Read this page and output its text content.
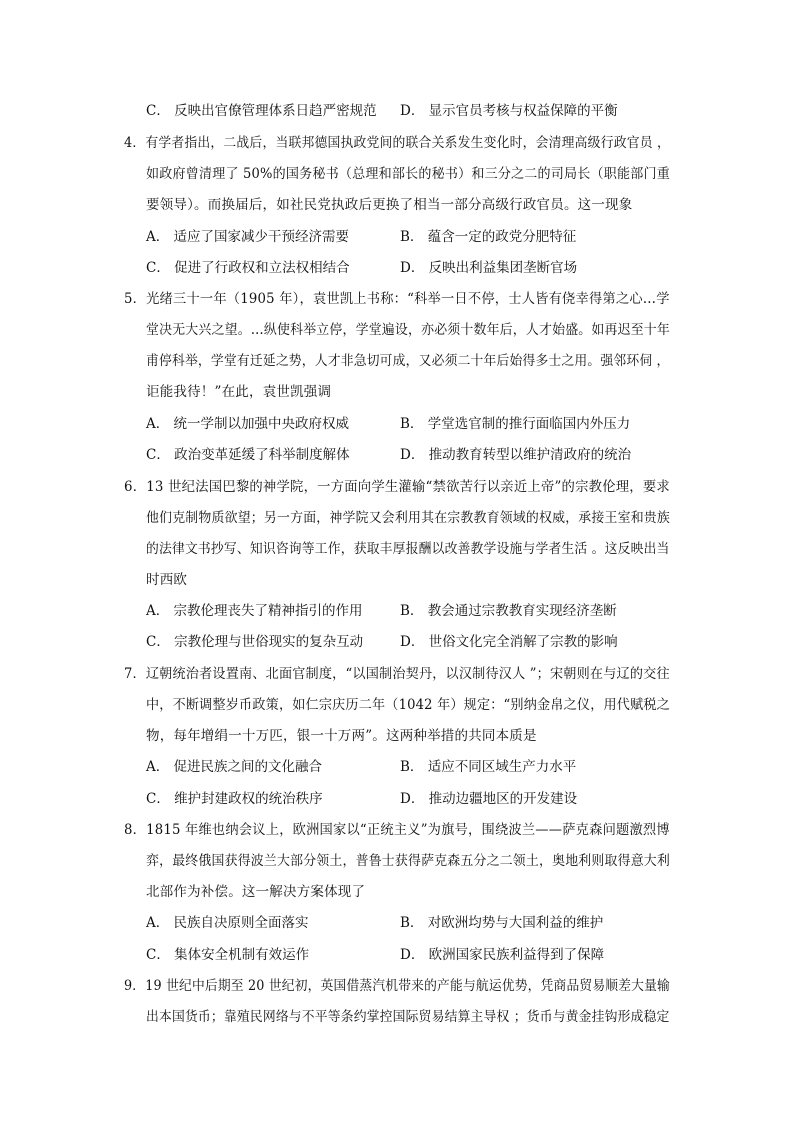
C． 反映出官僚管理体系日趋严密规范 D． 显示官员考核与权益保障的平衡
4．有学者指出，二战后，当联邦德国执政党间的联合关系发生变化时，会清理高级行政官员 ，
如政府曾清理了 50%的国务秘书（总理和部长的秘书）和三分之二的司局长（职能部门重
要领导）。而换届后，如社民党执政后更换了相当一部分高级行政官员。这一现象
A． 适应了国家减少干预经济需要	B． 蕴含一定的政党分肥特征
C． 促进了行政权和立法权相结合	D． 反映出利益集团垄断官场
5．光绪三十一年（1905 年），袁世凯上书称：“科举一日不停，士人皆有侥幸得第之心…学
堂决无大兴之望。…纵使科举立停，学堂遍设，亦必须十数年后，人才始盛。如再迟至十年
甫停科举，学堂有迁延之势，人才非急切可成，又必须二十年后始得多士之用。强邻环伺 ，
讵能我待！”在此，袁世凯强调
A． 统一学制以加强中央政府权威	B． 学堂选官制的推行面临国内外压力
C． 政治变革延缓了科举制度解体	D． 推动教育转型以维护清政府的统治
6．13 世纪法国巴黎的神学院，一方面向学生灌输“禁欲苦行以亲近上帝”的宗教伦理，要求
他们克制物质欲望；另一方面，神学院又会利用其在宗教教育领域的权威，承接王室和贵族
的法律文书抄写、知识咨询等工作，获取丰厚报酬以改善教学设施与学者生活 。这反映出当
时西欧
A． 宗教伦理丧失了精神指引的作用	B． 教会通过宗教教育实现经济垄断
C． 宗教伦理与世俗现实的复杂互动	D． 世俗文化完全消解了宗教的影响
7．辽朝统治者设置南、北面官制度，“以国制治契丹，以汉制待汉人 ”；宋朝则在与辽的交往
中，不断调整岁币政策，如仁宗庆历二年（1042 年）规定：“别纳金帛之仪，用代赋税之
物，每年增绢一十万匹，银一十万两”。这两种举措的共同本质是
A． 促进民族之间的文化融合	B． 适应不同区域生产力水平
C． 维护封建政权的统治秩序	D． 推动边疆地区的开发建设
8．1815 年维也纳会议上，欧洲国家以“正统主义”为旗号，围绕波兰——萨克森问题激烈博
弈，最终俄国获得波兰大部分领土，普鲁士获得萨克森五分之二领土，奥地利则取得意大利
北部作为补偿。这一解决方案体现了
A． 民族自决原则全面落实	B． 对欧洲均势与大国利益的维护
C． 集体安全机制有效运作	D． 欧洲国家民族利益得到了保障
9．19 世纪中后期至 20 世纪初，英国借蒸汽机带来的产能与航运优势，凭商品贸易顺差大量输
出本国货币；靠殖民网络与不平等条约掌控国际贸易结算主导权 ；货币与黄金挂钩形成稳定
